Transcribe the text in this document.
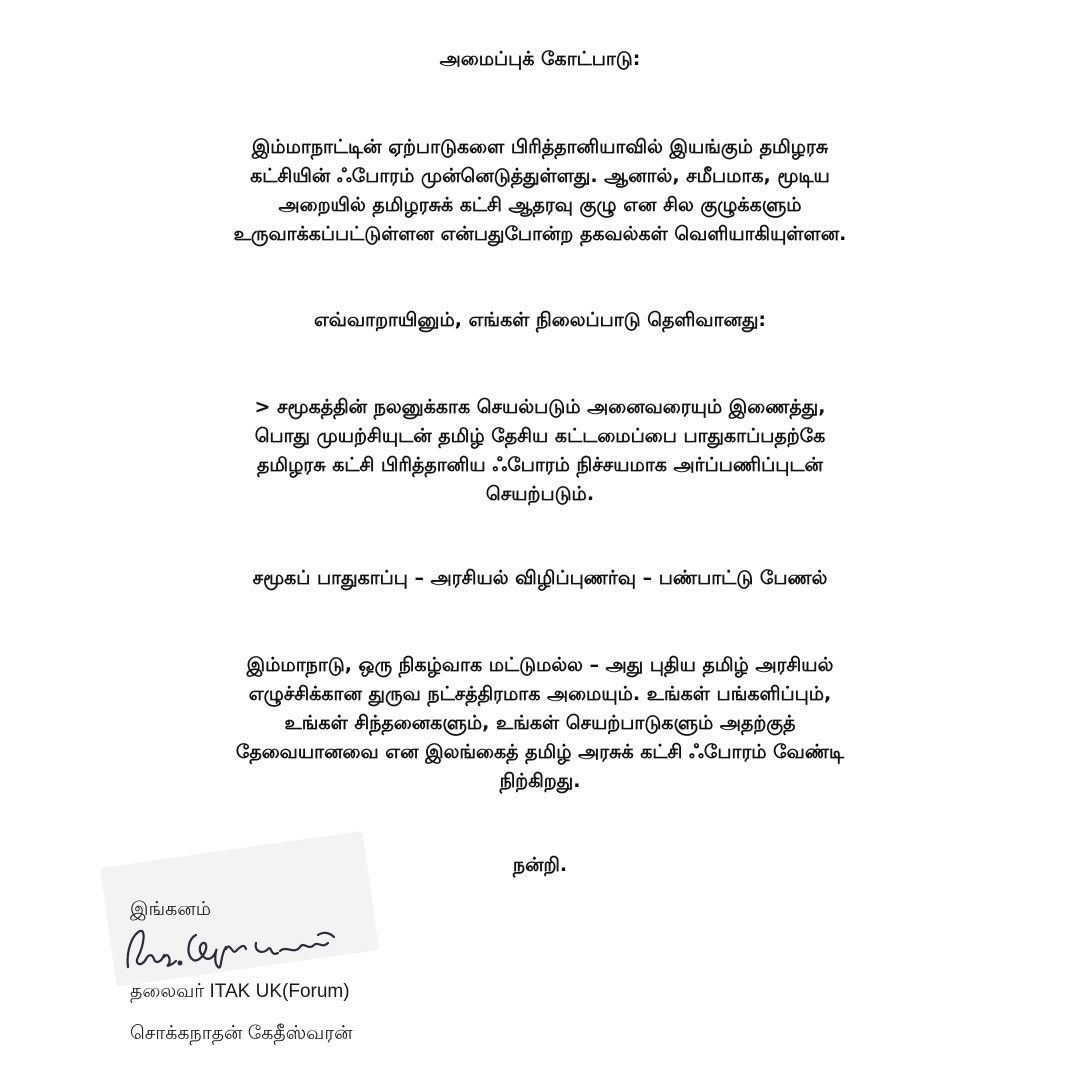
அமைப்புக் கோட்பாடு:
இம்மாநாட்டின் ஏற்பாடுகளை பிரித்தானியாவில் இயங்கும் தமிழரசு
கட்சியின் ஃபோரம் முன்னெடுத்துள்ளது. ஆனால், சமீபமாக, மூடிய
அறையில் தமிழரசுக் கட்சி ஆதரவு குழு என சில குழுக்களும்
உருவாக்கப்பட்டுள்ளன என்பதுபோன்ற தகவல்கள் வெளியாகியுள்ளன.
எவ்வாறாயினும், எங்கள் நிலைப்பாடு தெளிவானது:
> சமூகத்தின் நலனுக்காக செயல்படும் அனைவரையும் இணைத்து,
பொது முயற்சியுடன் தமிழ் தேசிய கட்டமைப்பை பாதுகாப்பதற்கே
தமிழரசு கட்சி பிரித்தானிய ஃபோரம் நிச்சயமாக அர்ப்பணிப்புடன்
செயற்படும்.
சமூகப் பாதுகாப்பு – அரசியல் விழிப்புணர்வு – பண்பாட்டு பேணல்
இம்மாநாடு, ஒரு நிகழ்வாக மட்டுமல்ல – அது புதிய தமிழ் அரசியல்
எழுச்சிக்கான துருவ நட்சத்திரமாக அமையும். உங்கள் பங்களிப்பும்,
உங்கள் சிந்தனைகளும், உங்கள் செயற்பாடுகளும் அதற்குத்
தேவையானவை என இலங்கைத் தமிழ் அரசுக் கட்சி ஃபோரம் வேண்டி
நிற்கிறது.
நன்றி.
இங்கனம்
தலைவர் ITAK UK(Forum)
சொக்கநாதன் கேதீஸ்வரன்
